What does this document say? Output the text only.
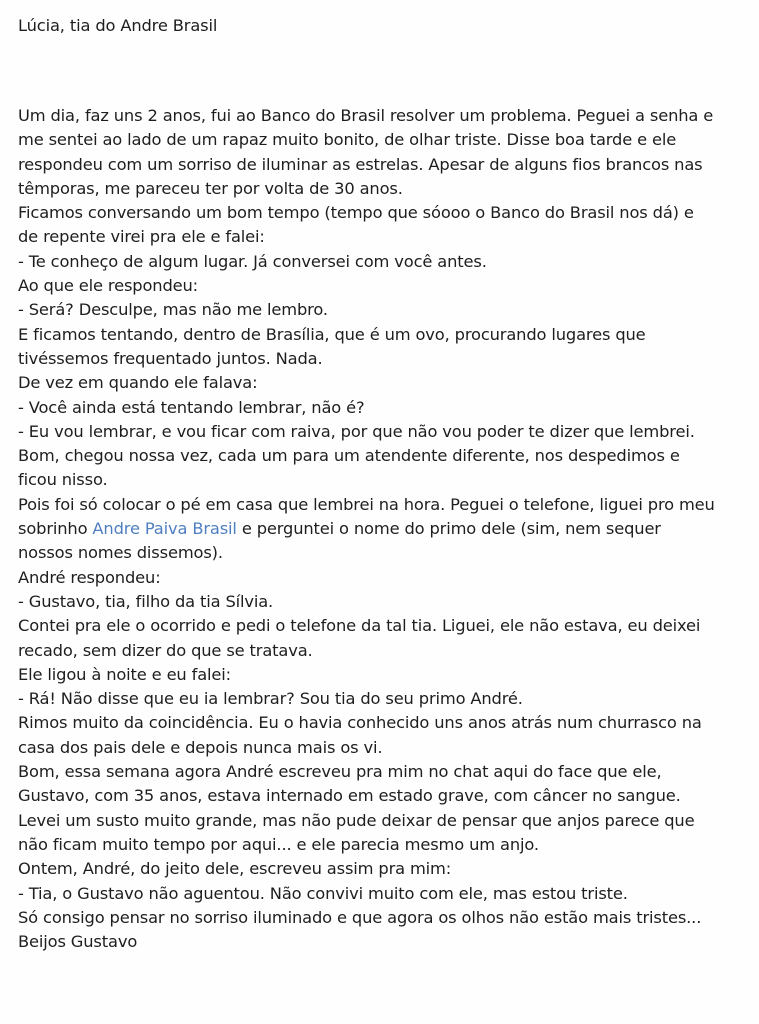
Lúcia, tia do Andre Brasil

Um dia, faz uns 2 anos, fui ao Banco do Brasil resolver um problema. Peguei a senha e
me sentei ao lado de um rapaz muito bonito, de olhar triste. Disse boa tarde e ele
respondeu com um sorriso de iluminar as estrelas. Apesar de alguns fios brancos nas
têmporas, me pareceu ter por volta de 30 anos.
Ficamos conversando um bom tempo (tempo que sóooo o Banco do Brasil nos dá) e
de repente virei pra ele e falei:
- Te conheço de algum lugar. Já conversei com você antes.
Ao que ele respondeu:
- Será? Desculpe, mas não me lembro.
E ficamos tentando, dentro de Brasília, que é um ovo, procurando lugares que
tivéssemos frequentado juntos. Nada.
De vez em quando ele falava:
- Você ainda está tentando lembrar, não é?
- Eu vou lembrar, e vou ficar com raiva, por que não vou poder te dizer que lembrei.
Bom, chegou nossa vez, cada um para um atendente diferente, nos despedimos e
ficou nisso.
Pois foi só colocar o pé em casa que lembrei na hora. Peguei o telefone, liguei pro meu
sobrinho Andre Paiva Brasil e perguntei o nome do primo dele (sim, nem sequer
nossos nomes dissemos).
André respondeu:
- Gustavo, tia, filho da tia Sílvia.
Contei pra ele o ocorrido e pedi o telefone da tal tia. Liguei, ele não estava, eu deixei
recado, sem dizer do que se tratava.
Ele ligou à noite e eu falei:
- Rá! Não disse que eu ia lembrar? Sou tia do seu primo André.
Rimos muito da coincidência. Eu o havia conhecido uns anos atrás num churrasco na
casa dos pais dele e depois nunca mais os vi.
Bom, essa semana agora André escreveu pra mim no chat aqui do face que ele,
Gustavo, com 35 anos, estava internado em estado grave, com câncer no sangue.
Levei um susto muito grande, mas não pude deixar de pensar que anjos parece que
não ficam muito tempo por aqui... e ele parecia mesmo um anjo.
Ontem, André, do jeito dele, escreveu assim pra mim:
- Tia, o Gustavo não aguentou. Não convivi muito com ele, mas estou triste.
Só consigo pensar no sorriso iluminado e que agora os olhos não estão mais tristes...
Beijos Gustavo
